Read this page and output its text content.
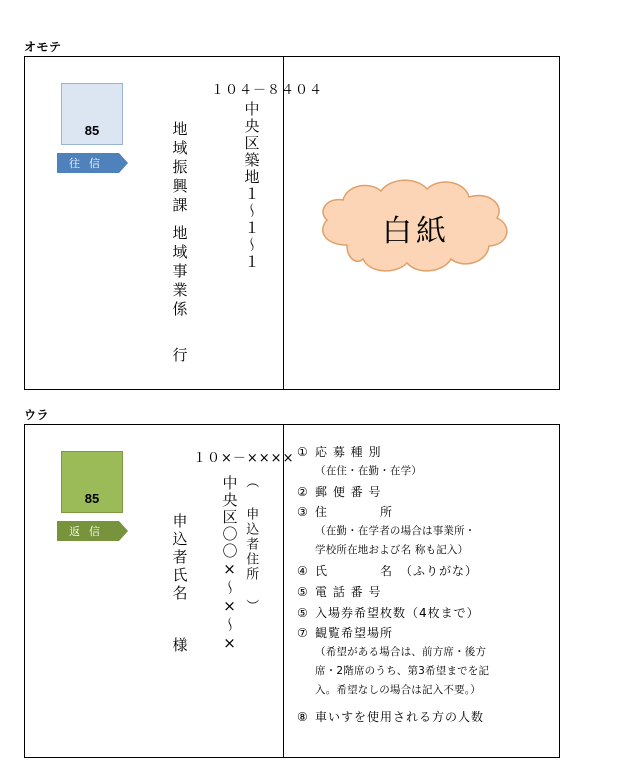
オモテ
85
往 信
１０４－８４０４
中央区築地１～１～１
地域振興課
地域事業係
行
白紙
ウラ
85
返 信
１０×－××××
（ 申込者住所 ）
中央区〇〇×～×～×
申込者氏名
様
① 応 募 種 別
（在住・在勤・在学）
② 郵 便 番 号
③ 住　　　　所
（在勤・在学者の場合は事業所・
学校所在地および名 称も記入）
④ 氏　　　　名　（ふりがな）
⑤ 電 話 番 号
⑤ 入場券希望枚数（4枚まで）
⑦ 観覧希望場所
（希望がある場合は、前方席・後方
席・2階席のうち、第3希望までを記
入。希望なしの場合は記入不要。）
⑧ 車いすを使用される方の人数
